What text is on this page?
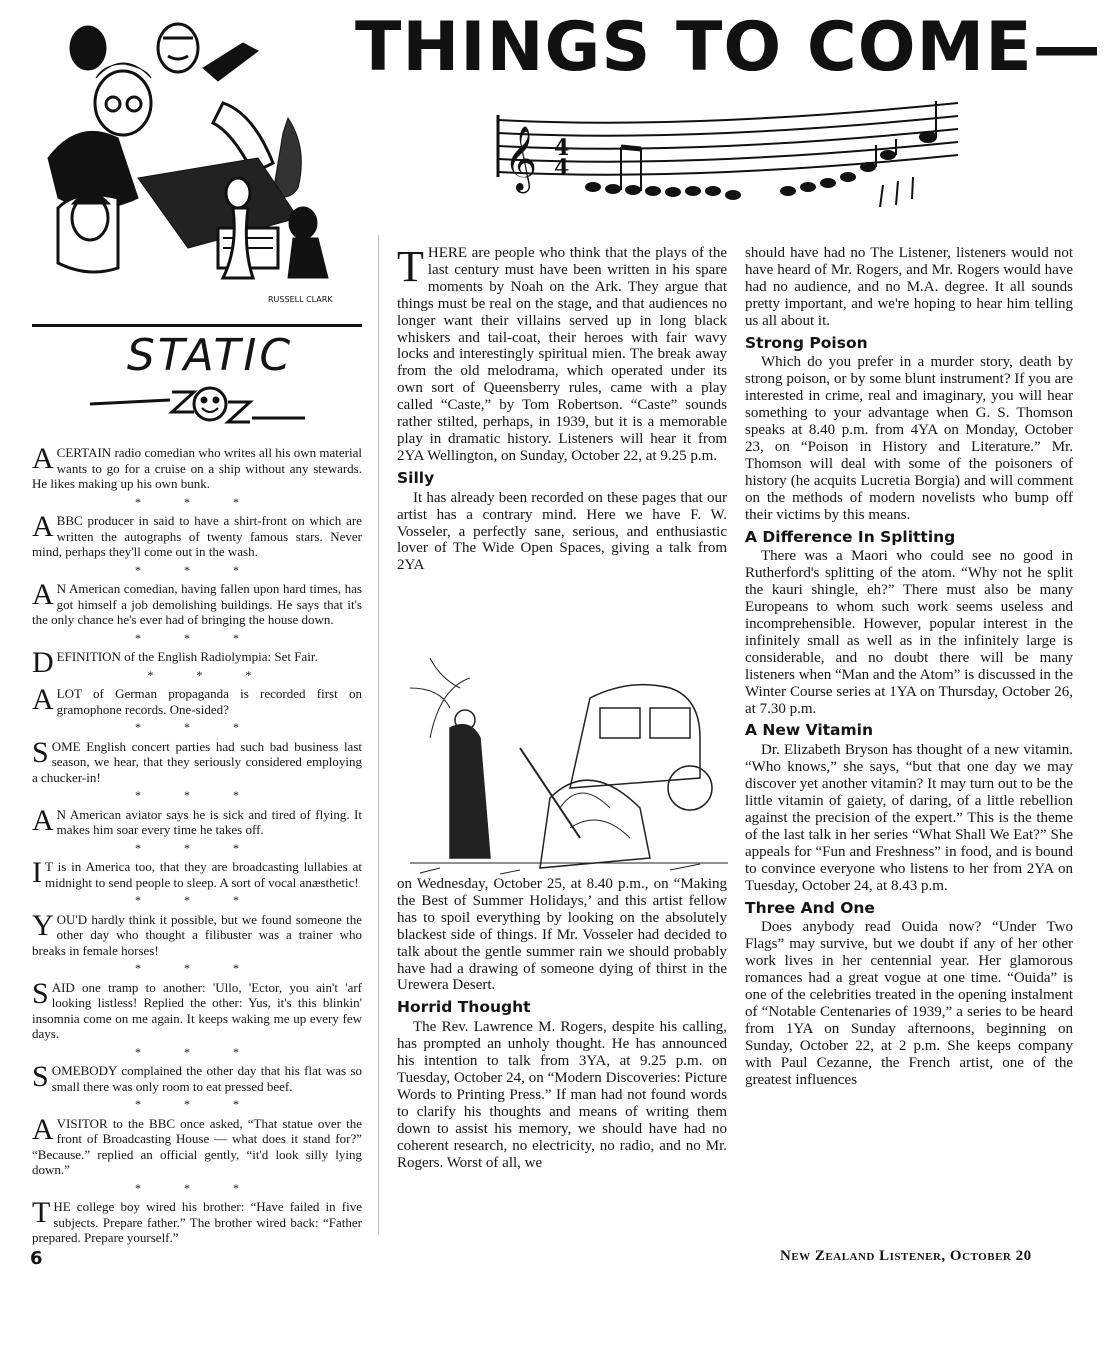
THINGS TO COME—
RUSSELL CLARK
𝄞 4
4
STATIC

A CERTAIN radio comedian who writes all his own material wants to go for a cruise on a ship without any stewards. He likes making up his own bunk.

* * *

A BBC producer in said to have a shirt-front on which are written the autographs of twenty famous stars. Never mind, perhaps they'll come out in the wash.

* * *

A N American comedian, having fallen upon hard times, has got himself a job demolishing buildings. He says that it's the only chance he's ever had of bringing the house down.

* * *

DEFINITION of the English Radiolympia: Set Fair.

* * *

A LOT of German propaganda is recorded first on gramophone records. One-sided?

* * *

SOME English concert parties had such bad business last season, we hear, that they seriously considered employing a chucker-in!

* * *

A N American aviator says he is sick and tired of flying. It makes him soar every time he takes off.

* * *

I T is in America too, that they are broadcasting lullabies at midnight to send people to sleep. A sort of vocal anæsthetic!

* * *

YOU'D hardly think it possible, but we found someone the other day who thought a filibuster was a trainer who breaks in female horses!

* * *

SAID one tramp to another: 'Ullo, 'Ector, you ain't 'arf looking listless! Replied the other: Yus, it's this blinkin' insomnia come on me again. It keeps waking me up every few days.

* * *

SOMEBODY complained the other day that his flat was so small there was only room to eat pressed beef.

* * *

A VISITOR to the BBC once asked, “That statue over the front of Broadcasting House — what does it stand for?” “Because.” replied an official gently, “it'd look silly lying down.”

* * *

THE college boy wired his brother: “Have failed in five subjects. Prepare father.” The brother wired back: “Father prepared. Prepare yourself.”

THERE are people who think that the plays of the last century must have been written in his spare moments by Noah on the Ark. They argue that things must be real on the stage, and that audiences no longer want their villains served up in long black whiskers and tail-coat, their heroes with fair wavy locks and interestingly spiritual mien. The break away from the old melodrama, which operated under its own sort of Queensberry rules, came with a play called “Caste,” by Tom Robertson. “Caste” sounds rather stilted, perhaps, in 1939, but it is a memorable play in dramatic history. Listeners will hear it from 2YA Wellington, on Sunday, October 22, at 9.25 p.m.

Silly

It has already been recorded on these pages that our artist has a contrary mind. Here we have F. W. Vosseler, a perfectly sane, serious, and enthusiastic lover of The Wide Open Spaces, giving a talk from 2YA

on Wednesday, October 25, at 8.40 p.m., on “Making the Best of Summer Holidays,’ and this artist fellow has to spoil everything by looking on the absolutely blackest side of things. If Mr. Vosseler had decided to talk about the gentle summer rain we should probably have had a drawing of someone dying of thirst in the Urewera Desert.

Horrid Thought

The Rev. Lawrence M. Rogers, despite his calling, has prompted an unholy thought. He has announced his intention to talk from 3YA, at 9.25 p.m. on Tuesday, October 24, on “Modern Discoveries: Picture Words to Printing Press.” If man had not found words to clarify his thoughts and means of writing them down to assist his memory, we should have had no coherent research, no electricity, no radio, and no Mr. Rogers. Worst of all, we

should have had no The Listener, listeners would not have heard of Mr. Rogers, and Mr. Rogers would have had no audience, and no M.A. degree. It all sounds pretty important, and we're hoping to hear him telling us all about it.

Strong Poison

Which do you prefer in a murder story, death by strong poison, or by some blunt instrument? If you are interested in crime, real and imaginary, you will hear something to your advantage when G. S. Thomson speaks at 8.40 p.m. from 4YA on Monday, October 23, on “Poison in History and Literature.” Mr. Thomson will deal with some of the poisoners of history (he acquits Lucretia Borgia) and will comment on the methods of modern novelists who bump off their victims by this means.

A Difference In Splitting

There was a Maori who could see no good in Rutherford's splitting of the atom. “Why not he split the kauri shingle, eh?” There must also be many Europeans to whom such work seems useless and incomprehensible. However, popular interest in the infinitely small as well as in the infinitely large is considerable, and no doubt there will be many listeners when “Man and the Atom” is discussed in the Winter Course series at 1YA on Thursday, October 26, at 7.30 p.m.

A New Vitamin

Dr. Elizabeth Bryson has thought of a new vitamin. “Who knows,” she says, “but that one day we may discover yet another vitamin? It may turn out to be the little vitamin of gaiety, of daring, of a little rebellion against the precision of the expert.” This is the theme of the last talk in her series “What Shall We Eat?” She appeals for “Fun and Freshness” in food, and is bound to convince everyone who listens to her from 2YA on Tuesday, October 24, at 8.43 p.m.

Three And One

Does anybody read Ouida now? “Under Two Flags” may survive, but we doubt if any of her other work lives in her centennial year. Her glamorous romances had a great vogue at one time. “Ouida” is one of the celebrities treated in the opening instalment of “Notable Centenaries of 1939,” a series to be heard from 1YA on Sunday afternoons, beginning on Sunday, October 22, at 2 p.m. She keeps company with Paul Cezanne, the French artist, one of the greatest influences

6	New Zealand Listener, October 20
